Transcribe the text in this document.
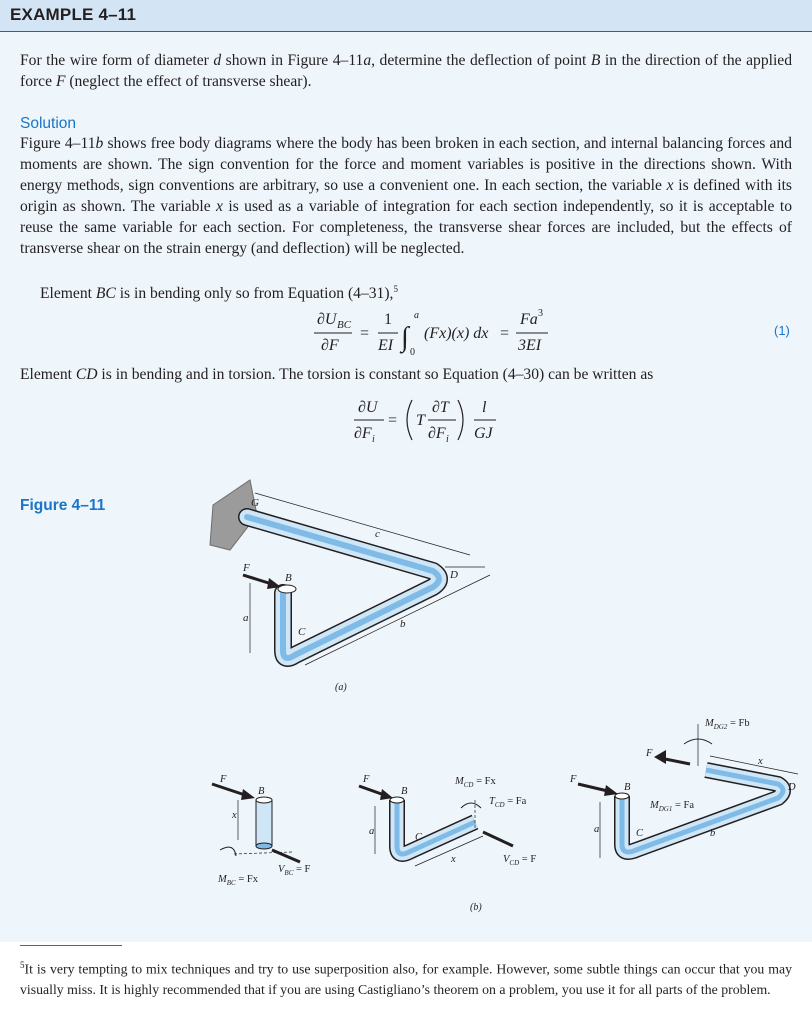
EXAMPLE 4–11

For the wire form of diameter d shown in Figure 4–11a, determine the deflection of point B in the direction of the applied force F (neglect the effect of transverse shear).

Solution

Figure 4–11b shows free body diagrams where the body has been broken in each section, and internal balancing forces and moments are shown. The sign convention for the force and moment variables is positive in the directions shown. With energy methods, sign conventions are arbitrary, so use a convenient one. In each section, the variable x is defined with its origin as shown. The variable x is used as a variable of integration for each section independently, so it is acceptable to reuse the same variable for each section. For completeness, the transverse shear forces are included, but the effects of transverse shear on the strain energy (and deflection) will be neglected.

Element BC is in bending only so from Equation (4–31),$^5$

∂U BC
∂F
=
1
EI ∫
a
0
(Fx)(x) dx =
Fa 3
3EI
(1)

Element CD is in bending and in torsion. The torsion is constant so Equation (4–30) can be written as

∂U
∂F i
= T
∂T
∂F i
l
GJ
Figure 4–11
F
B
G
c
D
a
C
b
(a)
F
B
x
$M_{BC} = Fx$
$V_{BC} = F$
F
B
a
C
x
$M_{CD} = Fx$
$T_{CD} = Fa$
$V_{CD} = F$
F
B
F
$M_{DG2} = Fb$
$M_{DG1} = Fa$
x
D
a	C	b
(b)

$^5$It is very tempting to mix techniques and try to use superposition also, for example. However, some subtle things can occur that you may visually miss. It is highly recommended that if you are using Castigliano’s theorem on a problem, you use it for all parts of the problem.
